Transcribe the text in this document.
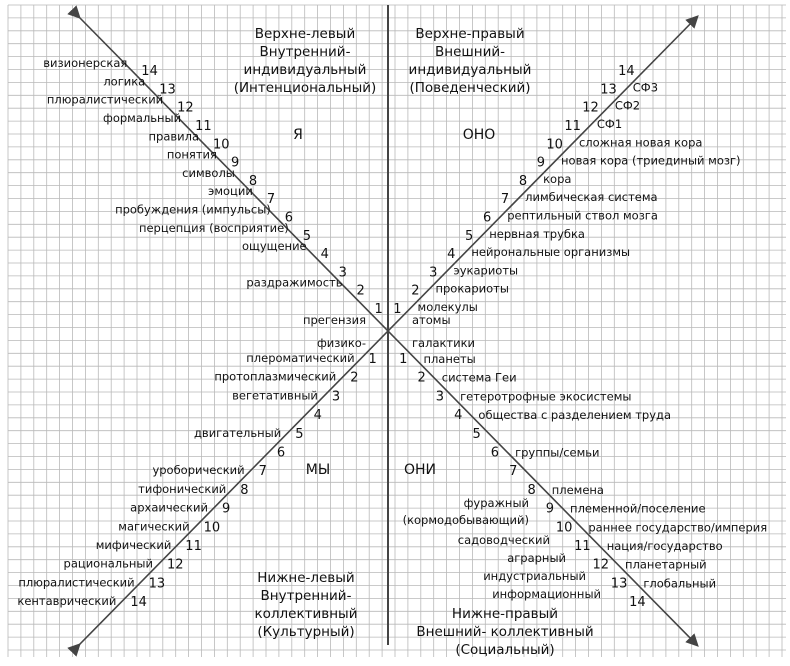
Верхне-левый
Внутренний-
индивидуальный
(Интенциональный)
Я
Верхне-правый
Внешний-
индивидуальный
(Поведенческий)
ОНО
Нижне-левый
Внутренний-
коллективный
(Культурный)
МЫ
Нижне-правый
Внешний- коллективный
(Социальный)
ОНИ
прегензия	атомы
физико-	галактики
фуражный
(кормодобывающий)
садоводческий
аграрный
индустриальный
информационный
1
2
раздражимость
3
4
ощущение
5
перцепция (восприятие)
6
пробуждения (импульсы)
7
эмоции
8
символы
9
понятия
10
правила
11
формальный
12
плюралистический
13
логика
14
визионерская
1 молекулы
2 прокариоты
3 эукариоты
4 нейрональные организмы
5 нервная трубка
6 рептильный ствол мозга
7 лимбическая система
8 кора
9 новая кора (триединый мозг)
10 сложная новая кора
11 СФ1
12 СФ2
13 СФ3
14
1
плероматический
2
протоплазмический
3
вегетативный
4
5
двигательный
6
7
уроборический
8
тифонический
9
архаический
10
магический
11
мифический
12
рациональный
13
плюралистический
14
кентаврический
1 планеты
2 система Геи
3 гетеротрофные экосистемы
4 общества с разделением труда
5
6 группы/семьи
7
8 племена
9 племенной/поселение
10 раннее государство/империя
11 нация/государство
12 планетарный
13 глобальный
14
